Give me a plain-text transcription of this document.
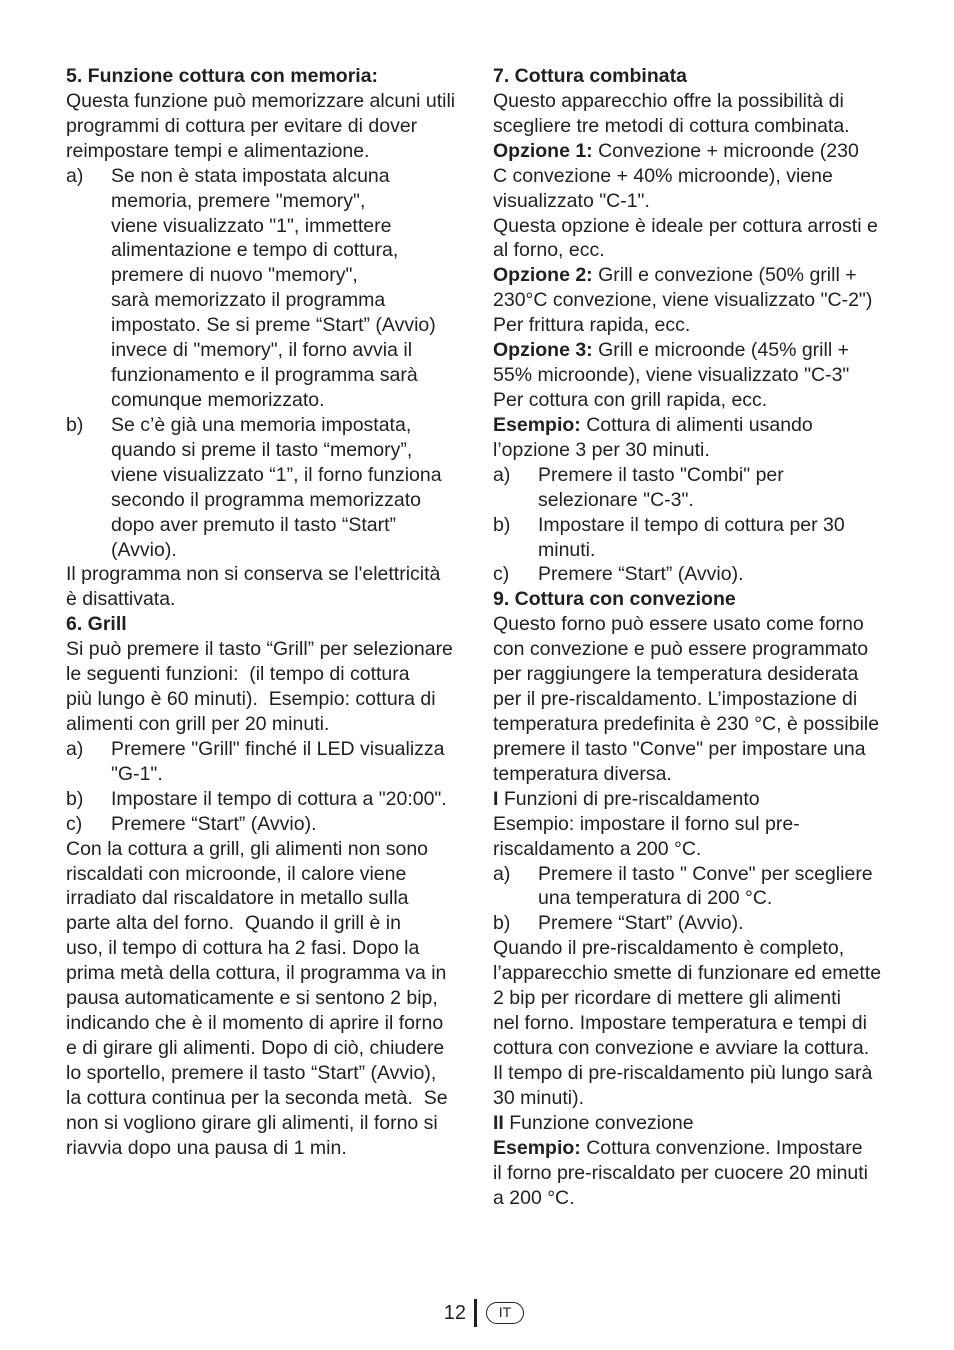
5. Funzione cottura con memoria:
Questa funzione può memorizzare alcuni utili
programmi di cottura per evitare di dover
reimpostare tempi e alimentazione.
a)	Se non è stata impostata alcuna
memoria, premere "memory",
viene visualizzato "1", immettere
alimentazione e tempo di cottura,
premere di nuovo "memory",
sarà memorizzato il programma
impostato. Se si preme “Start” (Avvio)
invece di "memory", il forno avvia il
funzionamento e il programma sarà
comunque memorizzato.
b)	Se c’è già una memoria impostata,
quando si preme il tasto “memory”,
viene visualizzato “1”, il forno funziona
secondo il programma memorizzato
dopo aver premuto il tasto “Start”
(Avvio).
Il programma non si conserva se l'elettricità
è disattivata.
6. Grill
Si può premere il tasto “Grill” per selezionare
le seguenti funzioni:  (il tempo di cottura
più lungo è 60 minuti).  Esempio: cottura di
alimenti con grill per 20 minuti.
a)	Premere "Grill" finché il LED visualizza
"G-1".
b)	Impostare il tempo di cottura a "20:00".
c)	Premere “Start” (Avvio).
Con la cottura a grill, gli alimenti non sono
riscaldati con microonde, il calore viene
irradiato dal riscaldatore in metallo sulla
parte alta del forno.  Quando il grill è in
uso, il tempo di cottura ha 2 fasi. Dopo la
prima metà della cottura, il programma va in
pausa automaticamente e si sentono 2 bip,
indicando che è il momento di aprire il forno
e di girare gli alimenti. Dopo di ciò, chiudere
lo sportello, premere il tasto “Start” (Avvio),
la cottura continua per la seconda metà.  Se
non si vogliono girare gli alimenti, il forno si
riavvia dopo una pausa di 1 min.
7. Cottura combinata
Questo apparecchio offre la possibilità di
scegliere tre metodi di cottura combinata.
Opzione 1: Convezione + microonde (230
C convezione + 40% microonde), viene
visualizzato "C-1".
Questa opzione è ideale per cottura arrosti e
al forno, ecc.
Opzione 2: Grill e convezione (50% grill +
230°C convezione, viene visualizzato "C-2")
Per frittura rapida, ecc.
Opzione 3: Grill e microonde (45% grill +
55% microonde), viene visualizzato "C-3"
Per cottura con grill rapida, ecc.
Esempio: Cottura di alimenti usando
l’opzione 3 per 30 minuti.
a)	Premere il tasto "Combi" per
selezionare "C-3".
b)	Impostare il tempo di cottura per 30
minuti.
c)	Premere “Start” (Avvio).
9. Cottura con convezione
Questo forno può essere usato come forno
con convezione e può essere programmato
per raggiungere la temperatura desiderata
per il pre-riscaldamento. L’impostazione di
temperatura predefinita è 230 °C, è possibile
premere il tasto "Conve" per impostare una
temperatura diversa.
I Funzioni di pre-riscaldamento
Esempio: impostare il forno sul pre-
riscaldamento a 200 °C.
a)	Premere il tasto " Conve" per scegliere
una temperatura di 200 °C.
b)	Premere “Start” (Avvio).
Quando il pre-riscaldamento è completo,
l’apparecchio smette di funzionare ed emette
2 bip per ricordare di mettere gli alimenti
nel forno. Impostare temperatura e tempi di
cottura con convezione e avviare la cottura.
Il tempo di pre-riscaldamento più lungo sarà
30 minuti).
II Funzione convezione
Esempio: Cottura convenzione. Impostare
il forno pre-riscaldato per cuocere 20 minuti
a 200 °C.
12	IT
